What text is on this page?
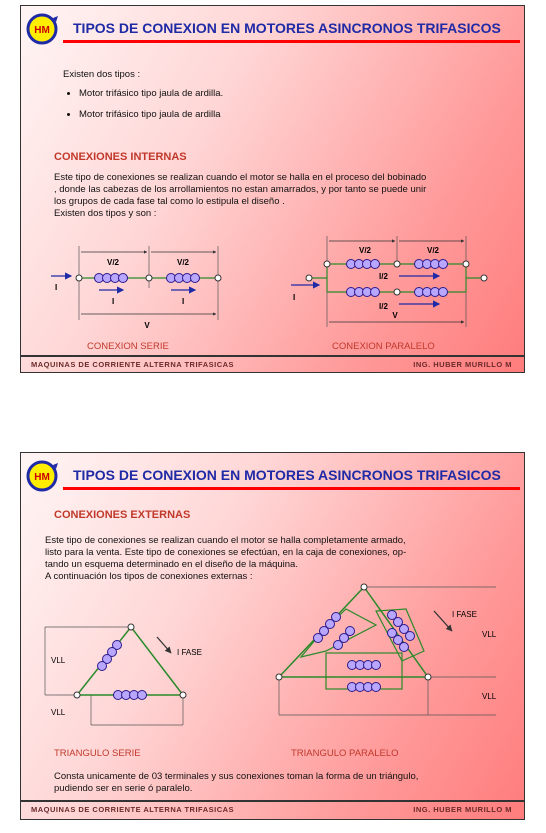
HM TIPOS DE CONEXION EN MOTORES ASINCRONOS TRIFASICOS
Existen dos tipos :
• Motor trifásico tipo jaula de ardilla.
• Motor trifásico tipo jaula de ardilla
CONEXIONES INTERNAS
Este tipo de conexiones se realizan cuando el motor se halla en el proceso del bobinado
, donde las cabezas de los arrollamientos no estan amarrados, y por tanto se puede unir
los grupos de cada fase tal como lo estipula el diseño .
Existen dos tipos y son :
V/2	V/2
I
I	I
V
V/2	V/2
I
I/2
I/2
V
CONEXION SERIE	CONEXION PARALELO
MAQUINAS DE CORRIENTE ALTERNA TRIFASICAS	ING. HUBER MURILLO M
HM TIPOS DE CONEXION EN MOTORES ASINCRONOS TRIFASICOS
CONEXIONES EXTERNAS
Este tipo de conexiones se realizan cuando el motor se halla completamente armado,
listo para la venta. Este tipo de conexiones se efectúan, en la caja de conexiones, op-
tando un esquema determinado en el diseño de la máquina.
A continuación los tipos de conexiones externas :
I FASE
VLL
VLL
I FASE
VLL
VLL
TRIANGULO SERIE	TRIANGULO PARALELO
Consta unicamente de 03 terminales y sus conexiones toman la forma de un triángulo,
pudiendo ser en serie ó paralelo.
MAQUINAS DE CORRIENTE ALTERNA TRIFASICAS	ING. HUBER MURILLO M
